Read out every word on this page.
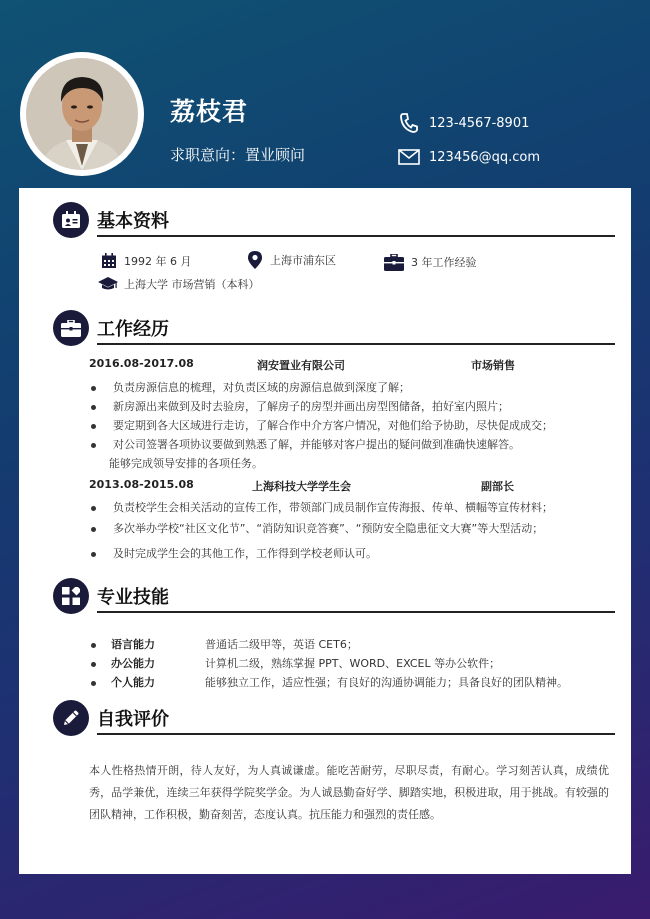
荔枝君
求职意向：置业顾问
123-4567-8901
123456@qq.com
基本资料
1992 年 6 月	上海市浦东区	3 年工作经验
上海大学 市场营销（本科）
工作经历
2016.08-2017.08	润安置业有限公司	市场销售
负责房源信息的梳理，对负责区域的房源信息做到深度了解；
新房源出来做到及时去验房，了解房子的房型并画出房型图储备，拍好室内照片；
要定期到各大区域进行走访，了解合作中介方客户情况，对他们给予协助，尽快促成成交；
对公司签署各项协议要做到熟悉了解，并能够对客户提出的疑问做到准确快速解答。
能够完成领导安排的各项任务。
2013.08-2015.08	上海科技大学学生会	副部长
负责校学生会相关活动的宣传工作，带领部门成员制作宣传海报、传单、横幅等宣传材料；
多次举办学校“社区文化节”、“消防知识竞答赛”、“预防安全隐患征文大赛”等大型活动；
及时完成学生会的其他工作，工作得到学校老师认可。
专业技能
语言能力	普通话二级甲等，英语 CET6；
办公能力	计算机二级，熟练掌握 PPT、WORD、EXCEL 等办公软件；
个人能力	能够独立工作，适应性强；有良好的沟通协调能力；具备良好的团队精神。
自我评价
本人性格热情开朗，待人友好，为人真诚谦虚。能吃苦耐劳，尽职尽责，有耐心。学习刻苦认真，成绩优秀，品学兼优，连续三年获得学院奖学金。为人诚恳勤奋好学、脚踏实地，积极进取，用于挑战。有较强的团队精神，工作积极，勤奋刻苦，态度认真。抗压能力和强烈的责任感。
